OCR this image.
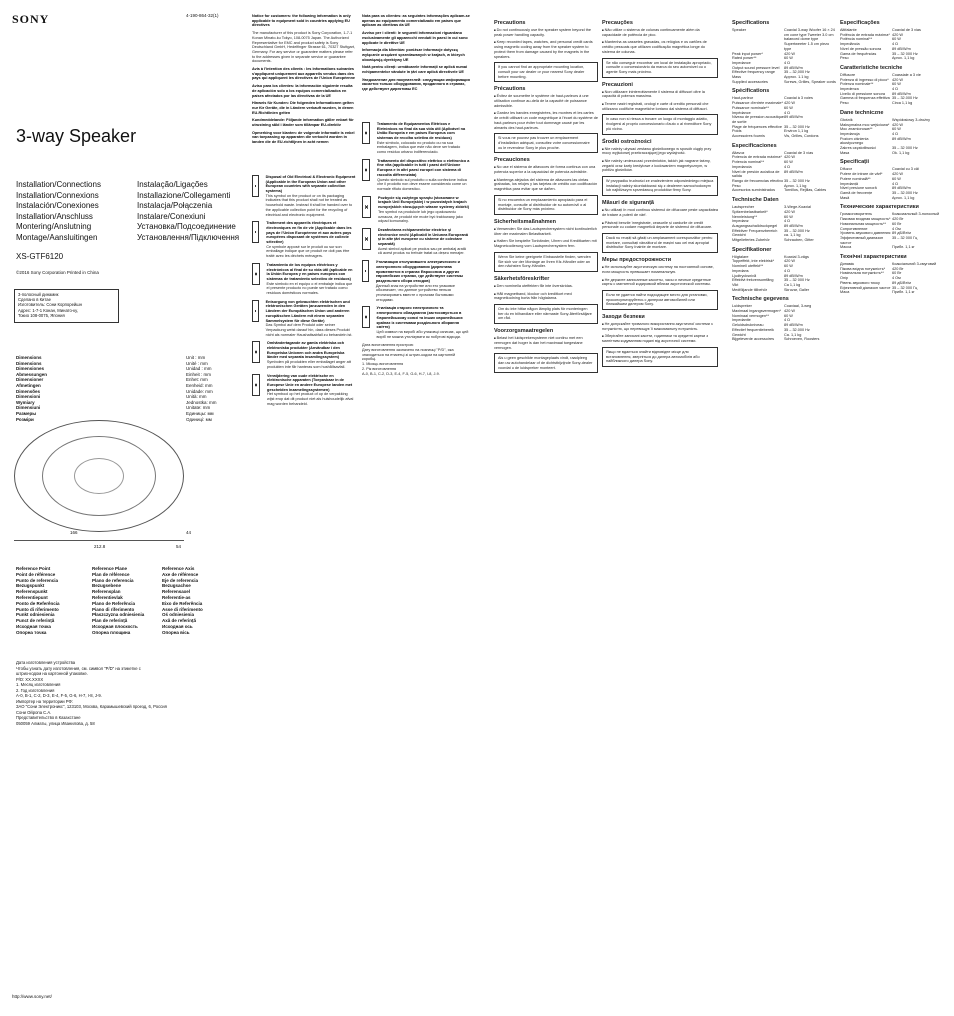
SONY	4-190-864-32(1)
3-way Speaker
Installation/Connections
Installation/Connexions
Instalación/Conexiones
Installation/Anschluss
Montering/Anslutning
Montage/Aansluitingen
Instalação/Ligações
Installazione/Collegamenti
Instalacja/Połączenia
Instalare/Conexiuni
Установка/Подсоединение
Установлення/Підключення
XS-GTF6120
©2016 Sony Corporation Printed in China
3-полосный динамик
Сделано в Китае
Изготовитель: Сони Корпорейшн
Адрес: 1-7-1 Конан, Минато-ку,
Токио 108-0075, Япония
Dimensions
Dimensions
Dimensiones
Abmessungen
Dimensioner
Afmetingen
Dimensões
Dimensioni
Wymiary
Dimensiuni
Размеры
Розміри
Unit : mm
Unité : mm
Unidad : mm
Einheit : mm
Enhet: mm
Eenheid: mm
Unidade: mm
Unità: mm
Jednostka: mm
Unitate: mm
Единицы: мм
Одиниці: мм
166
212.8	54
44
Reference Point
Point de référence
Punto de referencia
Bezugspunkt
Referenspunkt
Referentiepunt
Ponto de Referência
Punto di riferimento
Punkt odniesienia
Punct de referință
Исходная точка
Опорна точка
Reference Plane
Plan de référence
Plano de referencia
Bezugsebene
Referensplan
Referentievlak
Plano de Referência
Piano di riferimento
Płaszczyzna odniesienia
Plan de referință
Исходная плоскость
Опорна площина
Reference Axis
Axe de référence
Eje de referencia
Bezugsachse
Referensaxel
Referentie-as
Eixo de Referência
Asse di riferimento
Oś odniesienia
Axă de referință
Исходная ось
Опорна вісь
Дата изготовления устройства
Чтобы узнать дату изготовления, см. символ "P/D" на этикетке с
штрих-кодом на картонной упаковке.
P/D: XX.XXXX
1. Месяц изготовления
2. Год изготовления
A-0, B-1, C-2, D-3, E-4, F-5, G-6, H-7, I-8, J-9.
Импортер на территории РФ:
ЗАО "Сони Электроникс", 123103, Москва, Карамышевский проезд, 6, Россия
Сони Ойропа С.А.
Представительство в Казахстане
050059 Алматы, улица Иванилова, д. 58
http://www.sony.net/

Notice for customers: the following information is only applicable to equipment sold in countries applying EU directives

The manufacturer of this product is Sony Corporation, 1-7-1 Konan Minato-ku Tokyo, 108-0075 Japan. The Authorized Representative for EMC and product safety is Sony Deutschland GmbH, Hedelfinger Strasse 61, 70327 Stuttgart, Germany. For any service or guarantee matters please refer to the addresses given in separate service or guarantee documents.

Avis à l'intention des clients : les informations suivantes s'appliquent uniquement aux appareils vendus dans des pays qui appliquent les directives de l'Union Européenne

Aviso para los clientes: la información siguiente resulta de aplicación solo a los equipos comercializados en países afectados por las directivas de la UE

Hinweis für Kunden: Die folgenden Informationen gelten nur für Geräte, die in Ländern verkauft wurden, in denen EU-Richtlinien gelten

Kundmeddelande: Följande information gäller enbart för utrustning såld i länder som tillämpar EU-direktiv

Opmerking voor klanten: de volgende informatie is enkel van toepassing op apparaten die verkocht worden in landen die de EU-richtlijnen in acht nemen

Disposal of Old Electrical & Electronic Equipment (Applicable in the European Union and other European countries with separate collection systems)
This symbol on the product or on its packaging indicates that this product shall not be treated as household waste. Instead it shall be handed over to the applicable collection point for the recycling of electrical and electronic equipment.
Traitement des appareils électriques et électroniques en fin de vie (Applicable dans les pays de l'Union Européenne et aux autres pays européens disposant de systèmes de collecte sélective)
Ce symbole apposé sur le produit ou sur son emballage indique que ce produit ne doit pas être traité avec les déchets ménagers.
Tratamiento de los equipos eléctricos y electrónicos al final de su vida útil (aplicable en la Unión Europea y en países europeos con sistemas de tratamiento selectivo de residuos)
Este símbolo en el equipo o el embalaje indica que el presente producto no puede ser tratado como residuos domésticos normales.
Entsorgung von gebrauchten elektrischen und elektronischen Geräten (anzuwenden in den Ländern der Europäischen Union und anderen europäischen Ländern mit einem separaten Sammelsystem für diese Geräte)
Das Symbol auf dem Produkt oder seiner Verpackung weist darauf hin, dass dieses Produkt nicht als normaler Haushaltsabfall zu behandeln ist.
Omhändertagande av gamla elektriska och elektroniska produkter (Användbar i den Europeiska Unionen och andra Europeiska länder med separata insamlingssystem)
Symbolen på produkten eller emballaget anger att produkten inte får hanteras som hushållsavfall.
Verwijdering van oude elektrische en elektronische apparaten (Toepasbaar in de Europese Unie en andere Europese landen met gescheiden inzamelingssystemen)
Het symbool op het product of op de verpakking wijst erop dat dit product niet als huishoudelijk afval mag worden behandeld.

Nota para os clientes: as seguintes informações aplicam-se apenas ao equipamento comercializado em países que aplicam as diretivas da UE

Avviso per i clienti: le seguenti informazioni riguardano esclusivamente gli apparecchi venduti in paesi in cui sono applicate le direttive UE

Informacja dla klientów: poniższe informacje dotyczą wyłącznie urządzeń sprzedawanych w krajach, w których obowiązują dyrektywy UE

Notă pentru clienți: următoarele informații se aplică numai echipamentelor vândute în țări care aplică directivele UE

Уведомление для покупателей: следующая информация касается только оборудования, проданного в странах, где действуют директивы ЕС

Tratamento de Equipamentos Elétricos e Eletrónicos no final da sua vida útil (Aplicável na União Europeia e em países Europeus com sistemas de recolha seletiva de resíduos)
Este símbolo, colocado no produto ou na sua embalagem, indica que este não deve ser tratado como resíduo urbano indiferenciado.
Trattamento del dispositivo elettrico o elettronico a fine vita (applicabile in tutti i paesi dell'Unione Europea e in altri paesi europei con sistema di raccolta differenziata)
Questo simbolo sul prodotto o sulla confezione indica che il prodotto non deve essere considerato come un normale rifiuto domestico.
Pozbycie się zużytego sprzętu (stosowane w krajach Unii Europejskiej i w pozostałych krajach europejskich stosujących własne systemy zbiórki)
Ten symbol na produkcie lub jego opakowaniu oznacza, że produkt nie może być traktowany jako odpad komunalny.
Dezafectarea echipamentelor electrice și electronice vechi (Aplicabil în Uniunea Europeană și în alte țări europene cu sisteme de colectare separată)
Acest simbol aplicat pe produs sau pe ambalaj arată că acest produs nu trebuie tratat ca deșeu menajer.
Утилизация отслужившего электрического и электронного оборудования (директива применяется в странах Евросоюза и других европейских странах, где действуют системы раздельного сбора отходов)
Данный знак на устройстве или его упаковке обозначает, что данное устройство нельзя утилизировать вместе с прочими бытовыми отходами.
Утилізація старого електричного та електронного обладнання (застосовується в Європейському союзі та інших європейських країнах із системами роздільного збирання сміття)
Цей символ на виробі або упаковці означає, що цей виріб не можна утилізувати як побутові відходи.
Дата виготовлення пристрою
Дату виготовлення зазначено на позначці "P/D", яка знаходиться на етикетці зі штрих-кодом на картонній коробці.
1. Місяць виготовлення
2. Рік виготовлення
A-0, B-1, C-2, D-3, E-4, F-5, G-6, H-7, I-8, J-9.
Precautions

■ Do not continuously use the speaker system beyond the peak power handling capacity.

■ Keep recorded tapes, watches, and personal credit cards using magnetic coding away from the speaker system to protect them from damage caused by the magnets in the speakers.

If you cannot find an appropriate mounting location, consult your car dealer or your nearest Sony dealer before mounting.
Précautions

■ Évitez de soumettre le système de haut-parleurs à une utilisation continue au-delà de la capacité de puissance admissible.

■ Gardez les bandes enregistrées, les montres et les cartes de crédit utilisant un code magnétique à l'écart du système de haut-parleurs pour éviter tout dommage causé par les aimants des haut-parleurs.

Si vous ne pouvez pas trouver un emplacement d'installation adéquat, consultez votre concessionnaire ou le revendeur Sony le plus proche.
Precauciones

■ No use el sistema de altavoces de forma continua con una potencia superior a la capacidad de potencia admisible.

■ Mantenga alejados del sistema de altavoces las cintas grabadas, los relojes y las tarjetas de crédito con codificación magnética para evitar que se dañen.

Si no encuentra un emplazamiento apropiado para el montaje, consulte al distribuidor de su automóvil o al distribuidor de Sony más próximo.
Sicherheitsmaßnahmen

■ Verwenden Sie das Lautsprechersystem nicht kontinuierlich über der maximalen Belastbarkeit.

■ Halten Sie bespielte Tonbänder, Uhren und Kreditkarten mit Magnetcodierung vom Lautsprechersystem fern.

Wenn Sie keine geeignete Einbaustelle finden, wenden Sie sich vor der Montage an Ihren Kfz-Händler oder an den nächsten Sony-Händler.
Säkerhetsföreskrifter

■ Den nominella uteffekten får inte överskridas.

■ Håll magnetband, klockor och kreditkort med magnetkodning borta från högtalarna.

Om du inte hittar någon lämplig plats för monteringen ber du en bilhandlare eller närmaste Sony-återförsäljare om råd.
Voorzorgsmaatregelen

■ Belast het luidsprekersysteem niet continu met een vermogen dat hoger is dan het maximaal toegestane vermogen.

Als u geen geschikte montageplaats vindt, raadpleeg dan uw autohandelaar of de dichtstbijzijnde Sony-dealer voordat u de luidspreker monteert.
Precauções

■ Não utilize o sistema de colunas continuamente além da capacidade de potência de pico.

■ Mantenha as cassetes gravadas, os relógios e os cartões de crédito pessoais que utilizam codificação magnética longe do sistema de colunas.

Se não conseguir encontrar um local de instalação apropriado, consulte o concessionário da marca do seu automóvel ou o agente Sony mais próximo.
Precauzioni

■ Non utilizzare ininterrottamente il sistema di diffusori oltre la capacità di potenza massima.

■ Tenere nastri registrati, orologi e carte di credito personali che utilizzano codifiche magnetiche lontano dal sistema di diffusori.

In caso non si riesca a trovare un luogo di montaggio adatto, rivolgersi al proprio concessionario d'auto o al rivenditore Sony più vicino.
Środki ostrożności

■ Nie należy używać zestawu głośnikowego w sposób ciągły przy mocy wyjściowej przekraczającej jego wydajność.

■ Nie należy umieszczać przedmiotów, takich jak nagrane taśmy, zegarki oraz karty kredytowe z kodowaniem magnetycznym, w pobliżu głośników.

W przypadku trudności ze znalezieniem odpowiedniego miejsca instalacji należy skontaktować się z dealerem samochodowym lub najbliższym sprzedawcą produktów firmy Sony.
Măsuri de siguranță

■ Nu utilizați în mod continuu sistemul de difuzoare peste capacitatea de tratare a puterii de vârf.

■ Păstrați benzile înregistrate, ceasurile și cardurile de credit personale cu codare magnetică departe de sistemul de difuzoare.

Dacă nu reușiți să găsiți un amplasament corespunzător pentru montare, consultați vânzătorul de mașini sau cel mai apropiat distribuitor Sony înainte de montare.
Меры предосторожности

■ Не используйте акустическую систему на постоянной основе, если мощность превышает номинальную.

■ Не держите записанные кассеты, часы и личные кредитные карты с магнитной кодировкой вблизи акустической системы.

Если не удается найти подходящее место для установки, проконсультируйтесь с дилером автомобилей или ближайшим дилером Sony.
Заходи безпеки

■ Не допускайте тривалого використання акустичної системи з потужністю, що перевищує її максимальну потужність.

■ Зберігайте записані касети, годинники та кредитні картки з магнітним кодуванням подалі від акустичної системи.

Якщо не вдається знайти відповідне місце для встановлення, зверніться до дилера автомобілів або найближчого дилера Sony.
Specifications
Speaker	Coaxial 3-way Woofer 16 × 24 cm cone type Tweeter 3.0 cm balanced dome type Supertweeter 1.5 cm piezo type
Peak input power*	420 W
Rated power**	60 W
Impedance	4 Ω
Output sound pressure level	89 dB/W/m
Effective frequency range	35 – 32,000 Hz
Mass	Approx. 1.1 kg
Supplied accessories	Screws, Grilles, Speaker cords
Spécifications
Haut-parleur	Coaxial à 3 voies
Puissance d'entrée maximale* 420 W
Puissance nominale**	60 W
Impédance	4 Ω
Niveau de pression acoustique de sortie
89 dB/W/m
Plage de fréquences effective 35 – 32 000 Hz
Poids	Environ 1,1 kg
Accessoires fournis	Vis, Grilles, Cordons
Especificaciones
Altavoz	Coaxial de 3 vías
Potencia de entrada máxima* 420 W
Potencia nominal**	60 W
Impedancia	4 Ω
Nivel de presión acústica de salida
89 dB/W/m
Rango de frecuencias efectivo 35 – 32 000 Hz
Peso	Aprox. 1,1 kg
Accesorios suministrados	Tornillos, Rejillas, Cables
Technische Daten
Lautsprecher	3-Wege-Koaxial
Spitzenbelastbarkeit*	420 W
Nennleistung**	60 W
Impedanz	4 Ω
Ausgangsschalldruckpegel	89 dB/W/m
Effektiver Frequenzbereich	35 – 32.000 Hz
Gewicht	ca. 1,1 kg
Mitgeliefertes Zubehör	Schrauben, Gitter
Specifikationer
Högtalare	Koaxial 3-vägs
Toppeffekt, inte elektrisk*	420 W
Nominell uteffekt**	60 W
Impedans	4 Ω
Ljudtrycksnivå	89 dB/W/m
Effektivt frekvensomfång	35 – 32 000 Hz
Vikt	Ca 1,1 kg
Medföljande tillbehör	Skruvar, Galler
Technische gegevens
Luidspreker	Coaxiaal, 3-weg
Maximaal ingangsvermogen* 420 W
Nominaal vermogen**	60 W
Impedantie	4 Ω
Geluidsdrukniveau	89 dB/W/m
Effectief frequentiebereik	35 – 32.000 Hz
Gewicht	Ca. 1,1 kg
Bijgeleverde accessoires	Schroeven, Roosters
Especificações
Altifalante	Coaxial de 3 vias
Potência de entrada máxima* 420 W
Potência nominal**	60 W
Impedância	4 Ω
Nível de pressão sonora	89 dB/W/m
Gama de frequências	35 – 32 000 Hz
Peso	Aprox. 1,1 kg
Caratteristiche tecniche
Diffusore	Coassiale a 3 vie
Potenza di ingresso di picco* 420 W
Potenza nominale**	60 W
Impedenza	4 Ω
Livello di pressione sonora	89 dB/W/m
Gamma di frequenza effettiva 35 – 32.000 Hz
Peso	Circa 1,1 kg
Dane techniczne
Głośnik	Współosiowy 3-drożny
Maksymalna moc wejściowa* 420 W
Moc znamionowa**	60 W
Impedancja	4 Ω
Poziom ciśnienia akustycznego
89 dB/W/m
Zakres częstotliwości	35 – 32 000 Hz
Masa	Ok. 1,1 kg
Specificații
Difuzor	Coaxial cu 3 căi
Putere de intrare de vârf*	420 W
Putere nominală**	60 W
Impedanță	4 Ω
Nivel presiune sonoră	89 dB/W/m
Gamă de frecvențe	35 – 32.000 Hz
Masă	Aprox. 1,1 kg
Технические характеристики
Громкоговоритель	Коаксиальный 3-полосный
Пиковая входная мощность* 420 Вт
Номинальная мощность**	60 Вт
Сопротивление	4 Ом
Уровень звукового давления 89 дБ/Вт/м
Эффективный диапазон частот
35 – 32 000 Гц
Масса	Прибл. 1,1 кг
Технічні характеристики
Динамік	Коаксіальний 3-смуговий
Пікова вхідна потужність*	420 Вт
Номінальна потужність**	60 Вт
Опір	4 Ом
Рівень звукового тиску	89 дБ/Вт/м
Ефективний діапазон частот 35 – 32 000 Гц
Маса	Прибл. 1,1 кг
